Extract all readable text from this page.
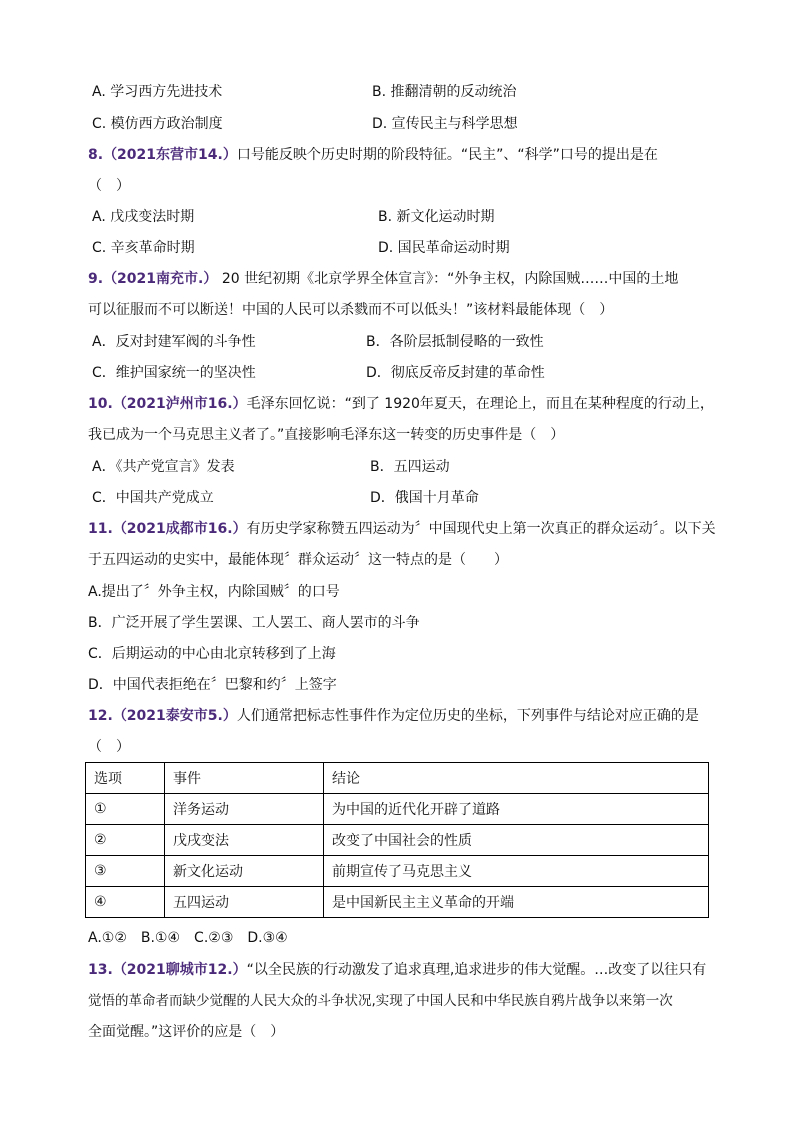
A. 学习西方先进技术	B. 推翻清朝的反动统治
C. 模仿西方政治制度	D. 宣传民主与科学思想
8.（2021东营市14.）口号能反映个历史时期的阶段特征。“民主”、“科学”口号的提出是在
（　）
A. 戊戌变法时期	B. 新文化运动时期
C. 辛亥革命时期	D. 国民革命运动时期
9.（2021南充市.） 20 世纪初期《北京学界全体宣言》：“外争主权，内除国贼……中国的土地
可以征服而不可以断送！中国的人民可以杀戮而不可以低头！”该材料最能体现（　）
A．反对封建军阀的斗争性	B．各阶层抵制侵略的一致性
C．维护国家统一的坚决性	D．彻底反帝反封建的革命性
10.（2021泸州市16.）毛泽东回忆说：“到了 1920年夏天，在理论上，而且在某种程度的行动上，
我已成为一个马克思主义者了。”直接影响毛泽东这一转变的历史事件是（　）
A．《共产党宣言》发表	B．五四运动
C．中国共产党成立	D．俄国十月革命
11.（2021成都市16.）有历史学家称赞五四运动为〞中国现代史上第一次真正的群众运动〞。以下关
于五四运动的史实中，最能体现〞群众运动〞这一特点的是（　　）
A.提出了〞外争主权，内除国贼〞的口号
B．广泛开展了学生罢课、工人罢工、商人罢市的斗争
C．后期运动的中心由北京转移到了上海
D．中国代表拒绝在〞巴黎和约〞上签字
12.（2021泰安市5.）人们通常把标志性事件作为定位历史的坐标，下列事件与结论对应正确的是
（　）
选项	事件	结论
①	洋务运动	为中国的近代化开辟了道路
②	戊戌变法	改变了中国社会的性质
③	新文化运动	前期宣传了马克思主义
④	五四运动	是中国新民主主义革命的开端
A.①②　B.①④　C.②③　D.③④
13.（2021聊城市12.）“以全民族的行动激发了追求真理,追求进步的伟大觉醒。…改变了以往只有
觉悟的革命者而缺少觉醒的人民大众的斗争状况,实现了中国人民和中华民族自鸦片战争以来第一次
全面觉醒。”这评价的应是（　）
